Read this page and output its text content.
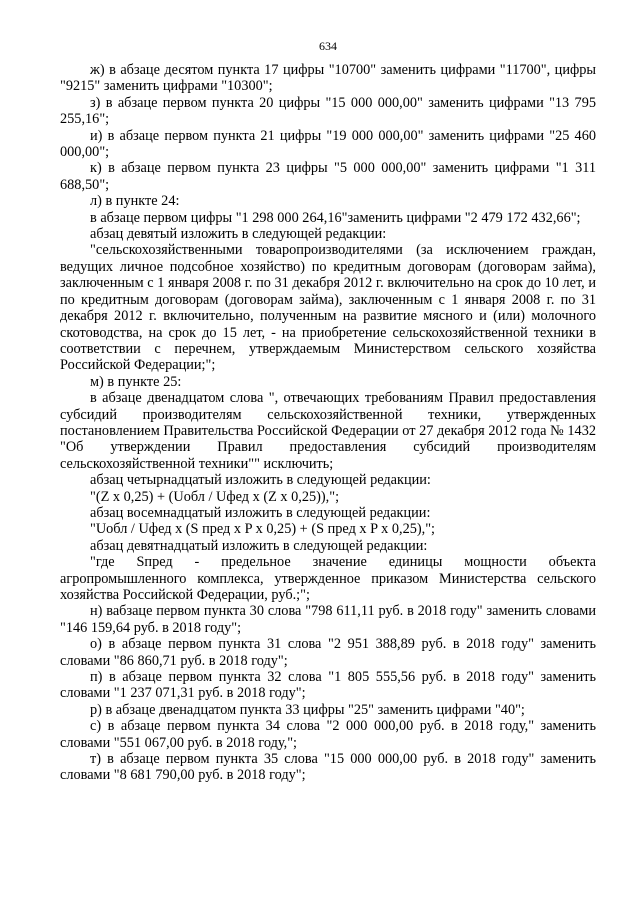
634

ж) в абзаце десятом пункта 17 цифры "10700" заменить цифрами "11700", цифры "9215" заменить цифрами "10300";

з) в абзаце первом пункта 20 цифры "15 000 000,00" заменить цифрами "13 795 255,16";

и) в абзаце первом пункта 21 цифры "19 000 000,00" заменить цифрами "25 460 000,00";

к) в абзаце первом пункта 23 цифры "5 000 000,00" заменить цифрами "1 311 688,50";

л) в пункте 24:

в абзаце первом цифры "1 298 000 264,16"заменить цифрами "2 479 172 432,66";

абзац девятый изложить в следующей редакции:

"сельскохозяйственными товаропроизводителями (за исключением граждан, ведущих личное подсобное хозяйство) по кредитным договорам (договорам займа), заключенным с 1 января 2008 г. по 31 декабря 2012 г. включительно на срок до 10 лет, и по кредитным договорам (договорам займа), заключенным с 1 января 2008 г. по 31 декабря 2012 г. включительно, полученным на развитие мясного и (или) молочного скотоводства, на срок до 15 лет, - на приобретение сельскохозяйственной техники в соответствии с перечнем, утверждаемым Министерством сельского хозяйства Российской Федерации;";

м) в пункте 25:

в абзаце двенадцатом слова ", отвечающих требованиям Правил предоставления субсидий производителям сельскохозяйственной техники, утвержденных постановлением Правительства Российской Федерации от 27 декабря 2012 года № 1432 "Об утверждении Правил предоставления субсидий производителям сельскохозяйственной техники"" исключить;

абзац четырнадцатый изложить в следующей редакции:

"(Z x 0,25) + (Uобл / Uфед x (Z x 0,25)),";

абзац восемнадцатый изложить в следующей редакции:

"Uобл / Uфед x (S пред x P x 0,25) + (S пред x P x 0,25),";

абзац девятнадцатый изложить в следующей редакции:

"где Sпред - предельное значение единицы мощности объекта агропромышленного комплекса, утвержденное приказом Министерства сельского хозяйства Российской Федерации, руб.;";

н) вабзаце первом пункта 30 слова "798 611,11 руб. в 2018 году" заменить словами "146 159,64 руб. в 2018 году";

о) в абзаце первом пункта 31 слова "2 951 388,89 руб. в 2018 году" заменить словами "86 860,71 руб. в 2018 году";

п) в абзаце первом пункта 32 слова "1 805 555,56 руб. в 2018 году" заменить словами "1 237 071,31 руб. в 2018 году";

р) в абзаце двенадцатом пункта 33 цифры "25" заменить цифрами "40";

с) в абзаце первом пункта 34 слова "2 000 000,00 руб. в 2018 году," заменить словами "551 067,00 руб. в 2018 году,";

т) в абзаце первом пункта 35 слова "15 000 000,00 руб. в 2018 году" заменить словами "8 681 790,00 руб. в 2018 году";
